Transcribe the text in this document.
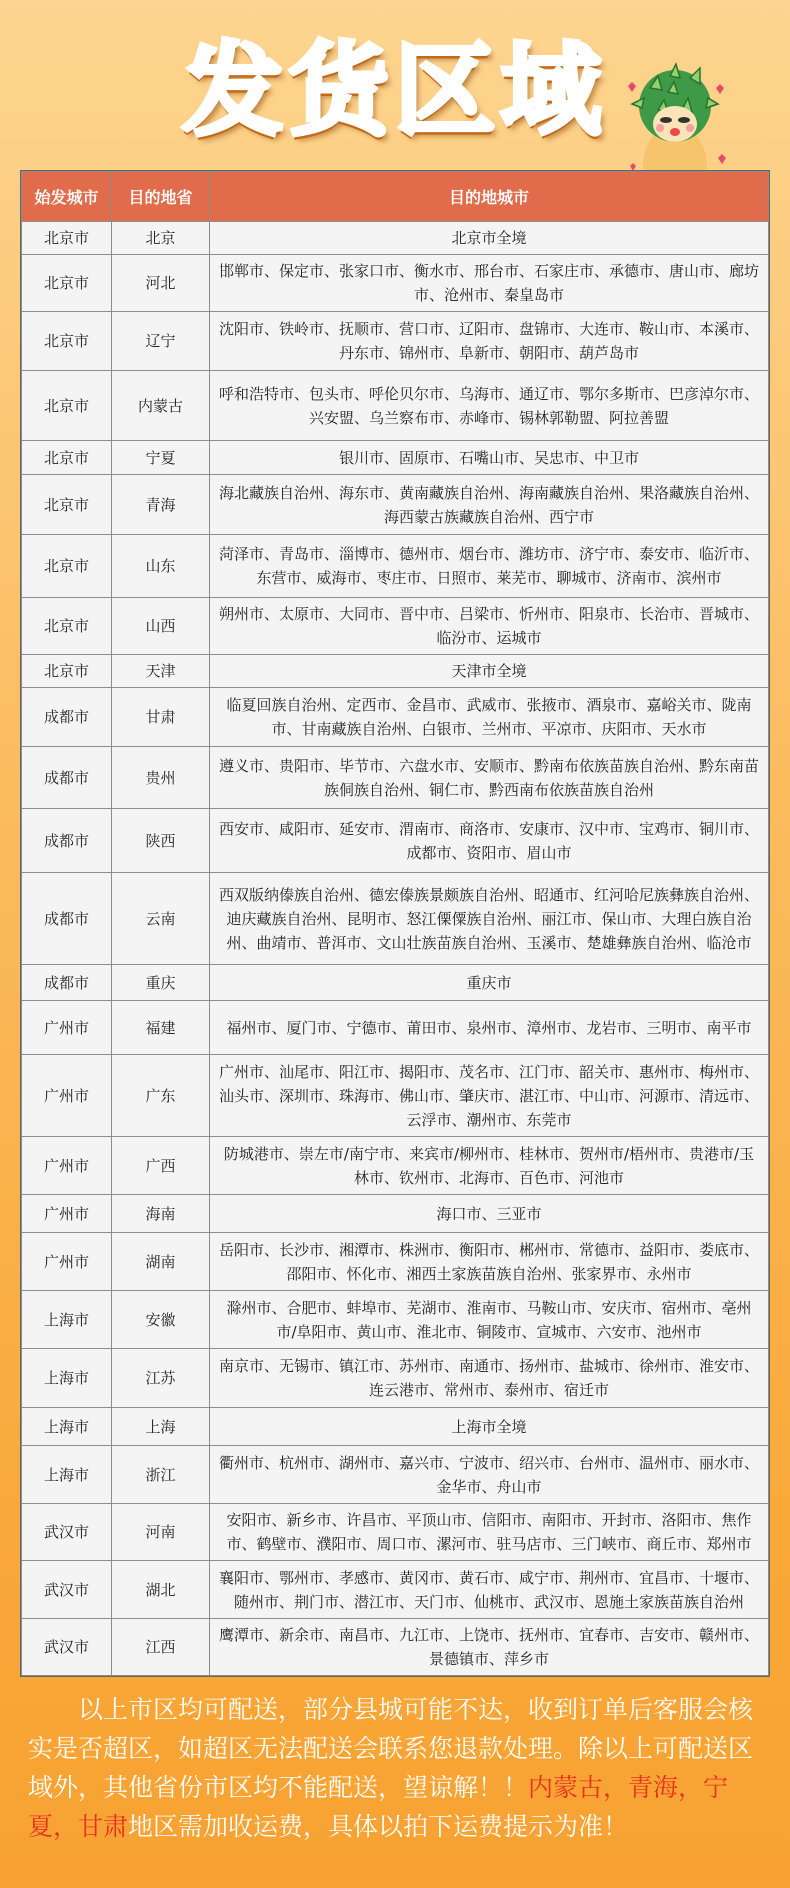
发货区域
始发城市	目的地省	目的地城市
北京市	北京	北京市全境
北京市	河北	邯郸市、保定市、张家口市、衡水市、邢台市、石家庄市、承德市、唐山市、廊坊市、沧州市、秦皇岛市
北京市	辽宁	沈阳市、铁岭市、抚顺市、营口市、辽阳市、盘锦市、大连市、鞍山市、本溪市、丹东市、锦州市、阜新市、朝阳市、葫芦岛市
北京市	内蒙古	呼和浩特市、包头市、呼伦贝尔市、乌海市、通辽市、鄂尔多斯市、巴彦淖尔市、兴安盟、乌兰察布市、赤峰市、锡林郭勒盟、阿拉善盟
北京市	宁夏	银川市、固原市、石嘴山市、吴忠市、中卫市
北京市	青海	海北藏族自治州、海东市、黄南藏族自治州、海南藏族自治州、果洛藏族自治州、海西蒙古族藏族自治州、西宁市
北京市	山东	菏泽市、青岛市、淄博市、德州市、烟台市、潍坊市、济宁市、泰安市、临沂市、东营市、威海市、枣庄市、日照市、莱芜市、聊城市、济南市、滨州市
北京市	山西	朔州市、太原市、大同市、晋中市、吕梁市、忻州市、阳泉市、长治市、晋城市、临汾市、运城市
北京市	天津	天津市全境
成都市	甘肃	临夏回族自治州、定西市、金昌市、武威市、张掖市、酒泉市、嘉峪关市、陇南市、甘南藏族自治州、白银市、兰州市、平凉市、庆阳市、天水市
成都市	贵州	遵义市、贵阳市、毕节市、六盘水市、安顺市、黔南布依族苗族自治州、黔东南苗族侗族自治州、铜仁市、黔西南布依族苗族自治州
成都市	陕西	西安市、咸阳市、延安市、渭南市、商洛市、安康市、汉中市、宝鸡市、铜川市、成都市、资阳市、眉山市
成都市	云南	西双版纳傣族自治州、德宏傣族景颇族自治州、昭通市、红河哈尼族彝族自治州、迪庆藏族自治州、昆明市、怒江傈僳族自治州、丽江市、保山市、大理白族自治州、曲靖市、普洱市、文山壮族苗族自治州、玉溪市、楚雄彝族自治州、临沧市
成都市	重庆	重庆市
广州市	福建	福州市、厦门市、宁德市、莆田市、泉州市、漳州市、龙岩市、三明市、南平市
广州市	广东	广州市、汕尾市、阳江市、揭阳市、茂名市、江门市、韶关市、惠州市、梅州市、汕头市、深圳市、珠海市、佛山市、肇庆市、湛江市、中山市、河源市、清远市、云浮市、潮州市、东莞市
广州市	广西	防城港市、崇左市/南宁市、来宾市/柳州市、桂林市、贺州市/梧州市、贵港市/玉林市、钦州市、北海市、百色市、河池市
广州市	海南	海口市、三亚市
广州市	湖南	岳阳市、长沙市、湘潭市、株洲市、衡阳市、郴州市、常德市、益阳市、娄底市、邵阳市、怀化市、湘西土家族苗族自治州、张家界市、永州市
上海市	安徽	滁州市、合肥市、蚌埠市、芜湖市、淮南市、马鞍山市、安庆市、宿州市、亳州市/阜阳市、黄山市、淮北市、铜陵市、宣城市、六安市、池州市
上海市	江苏	南京市、无锡市、镇江市、苏州市、南通市、扬州市、盐城市、徐州市、淮安市、连云港市、常州市、泰州市、宿迁市
上海市	上海	上海市全境
上海市	浙江	衢州市、杭州市、湖州市、嘉兴市、宁波市、绍兴市、台州市、温州市、丽水市、金华市、舟山市
武汉市	河南	安阳市、新乡市、许昌市、平顶山市、信阳市、南阳市、开封市、洛阳市、焦作市、鹤壁市、濮阳市、周口市、漯河市、驻马店市、三门峡市、商丘市、郑州市
武汉市	湖北	襄阳市、鄂州市、孝感市、黄冈市、黄石市、咸宁市、荆州市、宜昌市、十堰市、随州市、荆门市、潜江市、天门市、仙桃市、武汉市、恩施土家族苗族自治州
武汉市	江西	鹰潭市、新余市、南昌市、九江市、上饶市、抚州市、宜春市、吉安市、赣州市、景德镇市、萍乡市
以上市区均可配送，部分县城可能不达，收到订单后客服会核实是否超区，如超区无法配送会联系您退款处理。除以上可配送区域外，其他省份市区均不能配送，望谅解！！内蒙古，青海，宁夏，甘肃地区需加收运费，具体以拍下运费提示为准！
